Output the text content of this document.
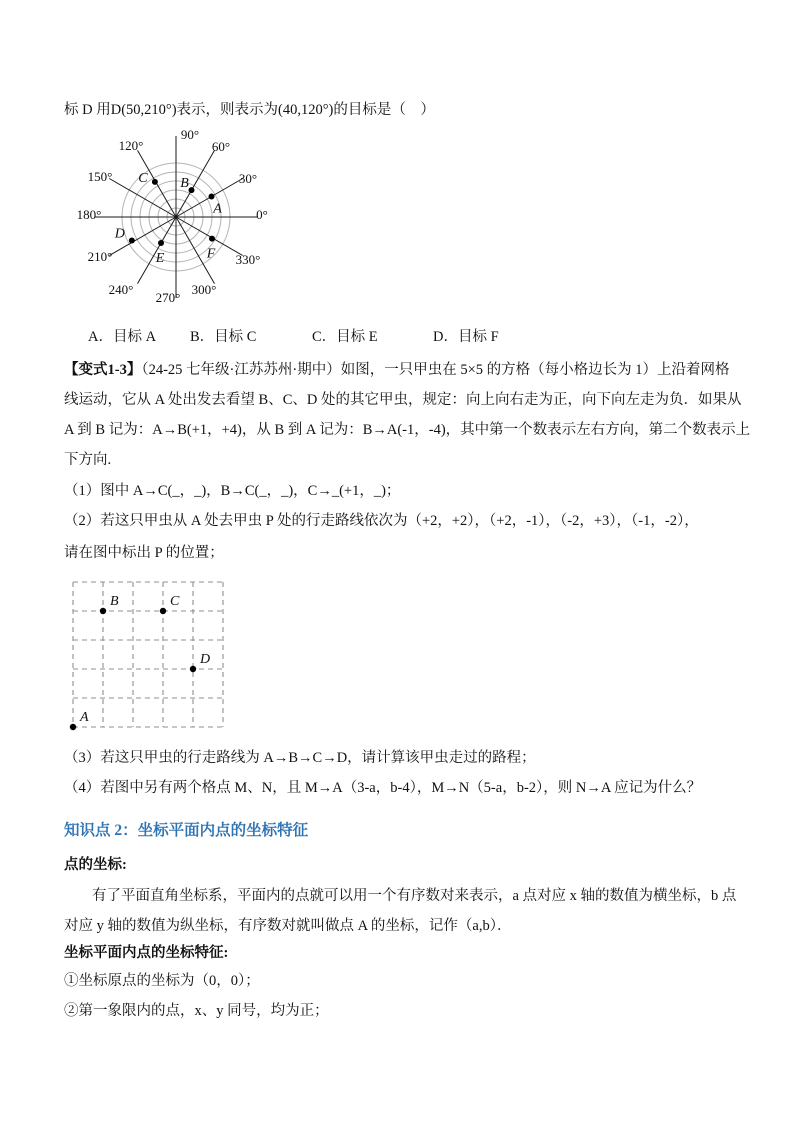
标 D 用D(50,210°)表示，则表示为(40,120°)的目标是（　）
0°
30°
60°
90°
120°
150°
180°
210°
240°
270°
300°
330°
A
B
C
D
E	F
A．目标 A B．目标 C	C．目标 E	D．目标 F
【变式1-3】（24-25 七年级·江苏苏州·期中）如图，一只甲虫在 5×5 的方格（每小格边长为 1）上沿着网格
线运动，它从 A 处出发去看望 B、C、D 处的其它甲虫，规定：向上向右走为正，向下向左走为负．如果从
A 到 B 记为：A→B(+1，+4)，从 B 到 A 记为：B→A(-1，-4)，其中第一个数表示左右方向，第二个数表示上
下方向.
（1）图中 A→C(_，_)，B→C(_，_)，C→_(+1，_)；
（2）若这只甲虫从 A 处去甲虫 P 处的行走路线依次为（+2，+2），（+2，-1），（-2，+3），（-1，-2），
请在图中标出 P 的位置；
A
B	C
D
（3）若这只甲虫的行走路线为 A→B→C→D，请计算该甲虫走过的路程；
（4）若图中另有两个格点 M、N，且 M→A（3-a，b-4），M→N（5-a，b-2），则 N→A 应记为什么？
知识点 2：坐标平面内点的坐标特征
点的坐标:
有了平面直角坐标系，平面内的点就可以用一个有序数对来表示，a 点对应 x 轴的数值为横坐标，b 点
对应 y 轴的数值为纵坐标，有序数对就叫做点 A 的坐标，记作（a,b）．
坐标平面内点的坐标特征:
①坐标原点的坐标为（0，0）；
②第一象限内的点，x、y 同号，均为正；
